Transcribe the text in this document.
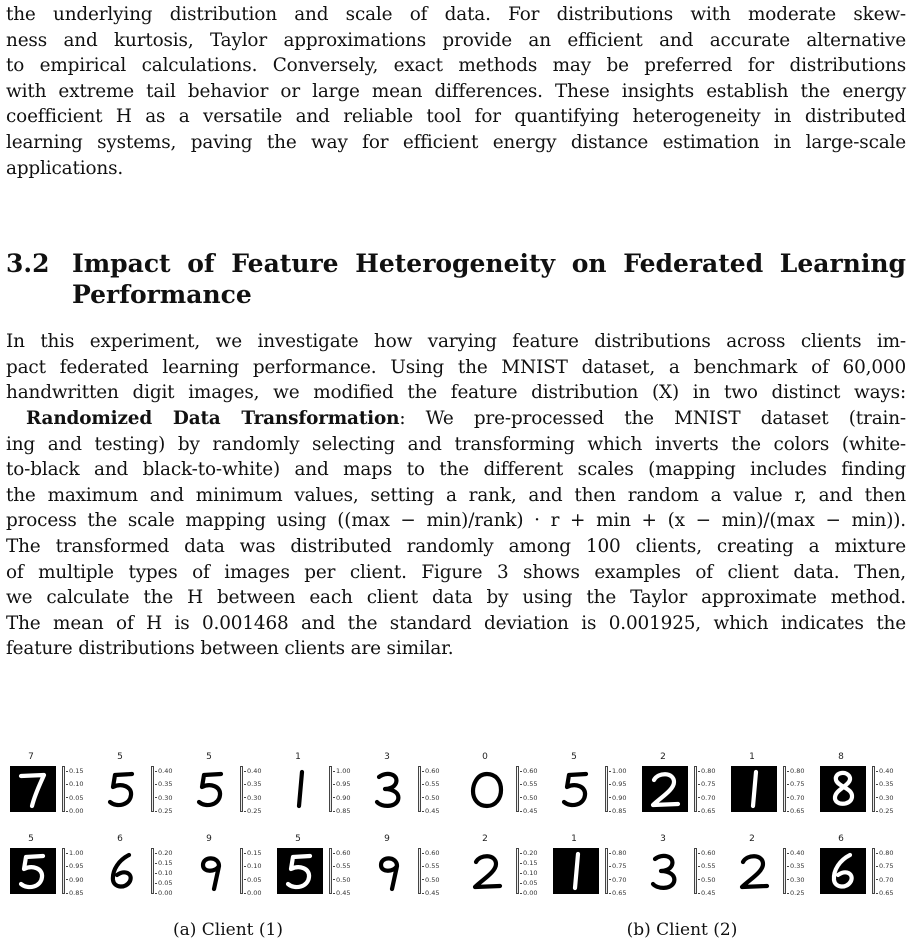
the underlying distribution and scale of data. For distributions with moderate skew-
ness and kurtosis, Taylor approximations provide an efficient and accurate alternative
to empirical calculations. Conversely, exact methods may be preferred for distributions
with extreme tail behavior or large mean differences. These insights establish the energy
coefficient H as a versatile and reliable tool for quantifying heterogeneity in distributed
learning systems, paving the way for efficient energy distance estimation in large-scale
applications.

3.2 Impact of Feature Heterogeneity on Federated Learning
Performance

In this experiment, we investigate how varying feature distributions across clients im-
pact federated learning performance. Using the MNIST dataset, a benchmark of 60,000
handwritten digit images, we modified the feature distribution (X) in two distinct ways:

Randomized Data Transformation: We pre-processed the MNIST dataset (train-
ing and testing) by randomly selecting and transforming which inverts the colors (white-
to-black and black-to-white) and maps to the different scales (mapping includes finding
the maximum and minimum values, setting a rank, and then random a value r, and then
process the scale mapping using ((max − min)/rank) · r + min + (x − min)/(max − min)).
The transformed data was distributed randomly among 100 clients, creating a mixture
of multiple types of images per client. Figure 3 shows examples of client data. Then,
we calculate the H between each client data by using the Taylor approximate method.
The mean of H is 0.001468 and the standard deviation is 0.001925, which indicates the
feature distributions between clients are similar.

(a) Client (1)
7
0.15
0.10
0.05
0.00
5
0.40
0.35
0.30
0.25
5
0.40
0.35
0.30
0.25
1
1.00
0.95
0.90
0.85
3
0.60
0.55
0.50
0.45
5
1.00
0.95
0.90
0.85
6
0.20
0.15
0.10
0.05
0.00
9
0.15
0.10
0.05
0.00
5
0.60
0.55
0.50
0.45
9
0.60
0.55
0.50
0.45
(b) Client (2)
0
0.60
0.55
0.50
0.45
5
1.00
0.95
0.90
0.85
2
0.80
0.75
0.70
0.65
1
0.80
0.75
0.70
0.65
8
0.40
0.35
0.30
0.25
2
0.20
0.15
0.10
0.05
0.00
1
0.80
0.75
0.70
0.65
3
0.60
0.55
0.50
0.45
2
0.40
0.35
0.30
0.25
6
0.80
0.75
0.70
0.65
